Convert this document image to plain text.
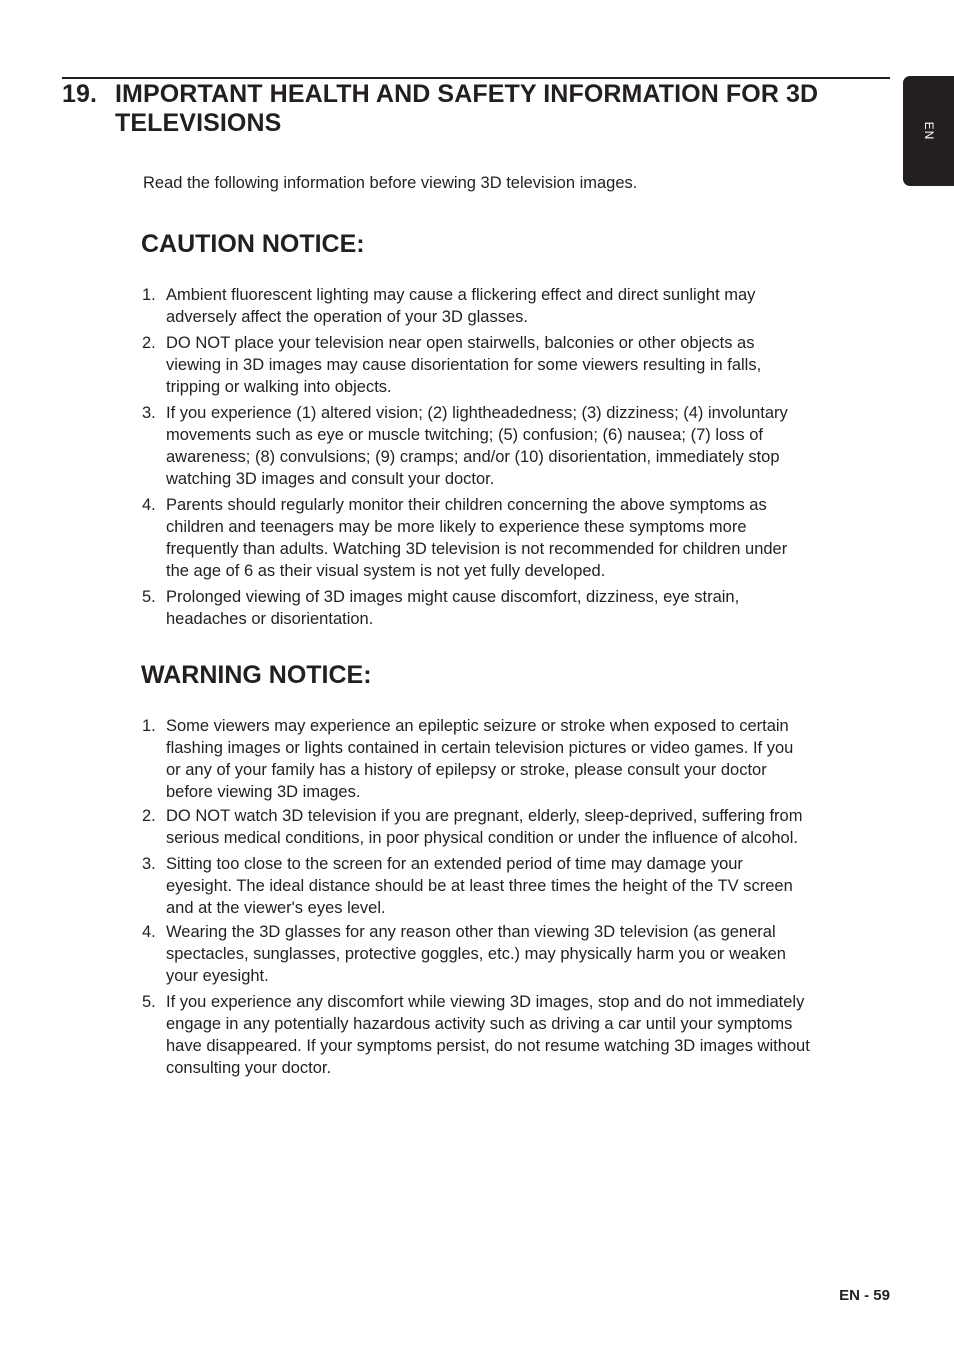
19. IMPORTANT HEALTH AND SAFETY INFORMATION FOR 3D TELEVISIONS	EN

Read the following information before viewing 3D television images.

CAUTION NOTICE:
1. Ambient fluorescent lighting may cause a flickering effect and direct sunlight may adversely affect the operation of your 3D glasses.
2. DO NOT place your television near open stairwells, balconies or other objects as viewing in 3D images may cause disorientation for some viewers resulting in falls, tripping or walking into objects.
3. If you experience (1) altered vision; (2) lightheadedness; (3) dizziness; (4) involuntary movements such as eye or muscle twitching; (5) confusion; (6) nausea; (7) loss of awareness; (8) convulsions; (9) cramps; and/or (10) disorientation, immediately stop watching 3D images and consult your doctor.
4. Parents should regularly monitor their children concerning the above symptoms as children and teenagers may be more likely to experience these symptoms more frequently than adults. Watching 3D television is not recommended for children under the age of 6 as their visual system is not yet fully developed.
5. Prolonged viewing of 3D images might cause discomfort, dizziness, eye strain, headaches or disorientation.
WARNING NOTICE:
1. Some viewers may experience an epileptic seizure or stroke when exposed to certain flashing images or lights contained in certain television pictures or video games. If you or any of your family has a history of epilepsy or stroke, please consult your doctor before viewing 3D images.
2. DO NOT watch 3D television if you are pregnant, elderly, sleep-deprived, suffering from serious medical conditions, in poor physical condition or under the influence of alcohol.
3. Sitting too close to the screen for an extended period of time may damage your eyesight. The ideal distance should be at least three times the height of the TV screen and at the viewer's eyes level.
4. Wearing the 3D glasses for any reason other than viewing 3D television (as general spectacles, sunglasses, protective goggles, etc.) may physically harm you or weaken your eyesight.
5. If you experience any discomfort while viewing 3D images, stop and do not immediately engage in any potentially hazardous activity such as driving a car until your symptoms have disappeared. If your symptoms persist, do not resume watching 3D images without consulting your doctor.
EN - 59
